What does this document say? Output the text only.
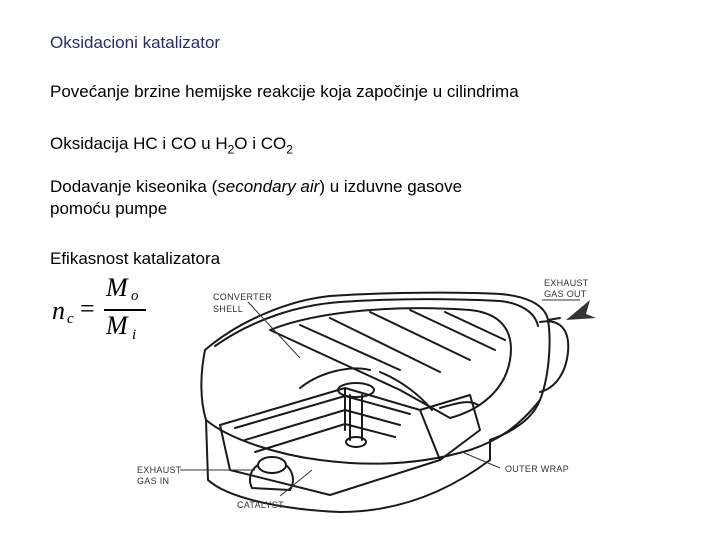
Oksidacioni katalizator

Povećanje brzine hemijske reakcije koja započinje u cilindrima

Oksidacija HC i CO u $H_2O$ i $CO_2$

Dodavanje kiseonika (secondary air) u izduvne gasove
pomoću pumpe

Efikasnost katalizatora

n c =
M o
M i
EXHAUST
GAS OUT
CONVERTER
SHELL
EXHAUST
GAS IN
OUTER WRAP
CATALYST
